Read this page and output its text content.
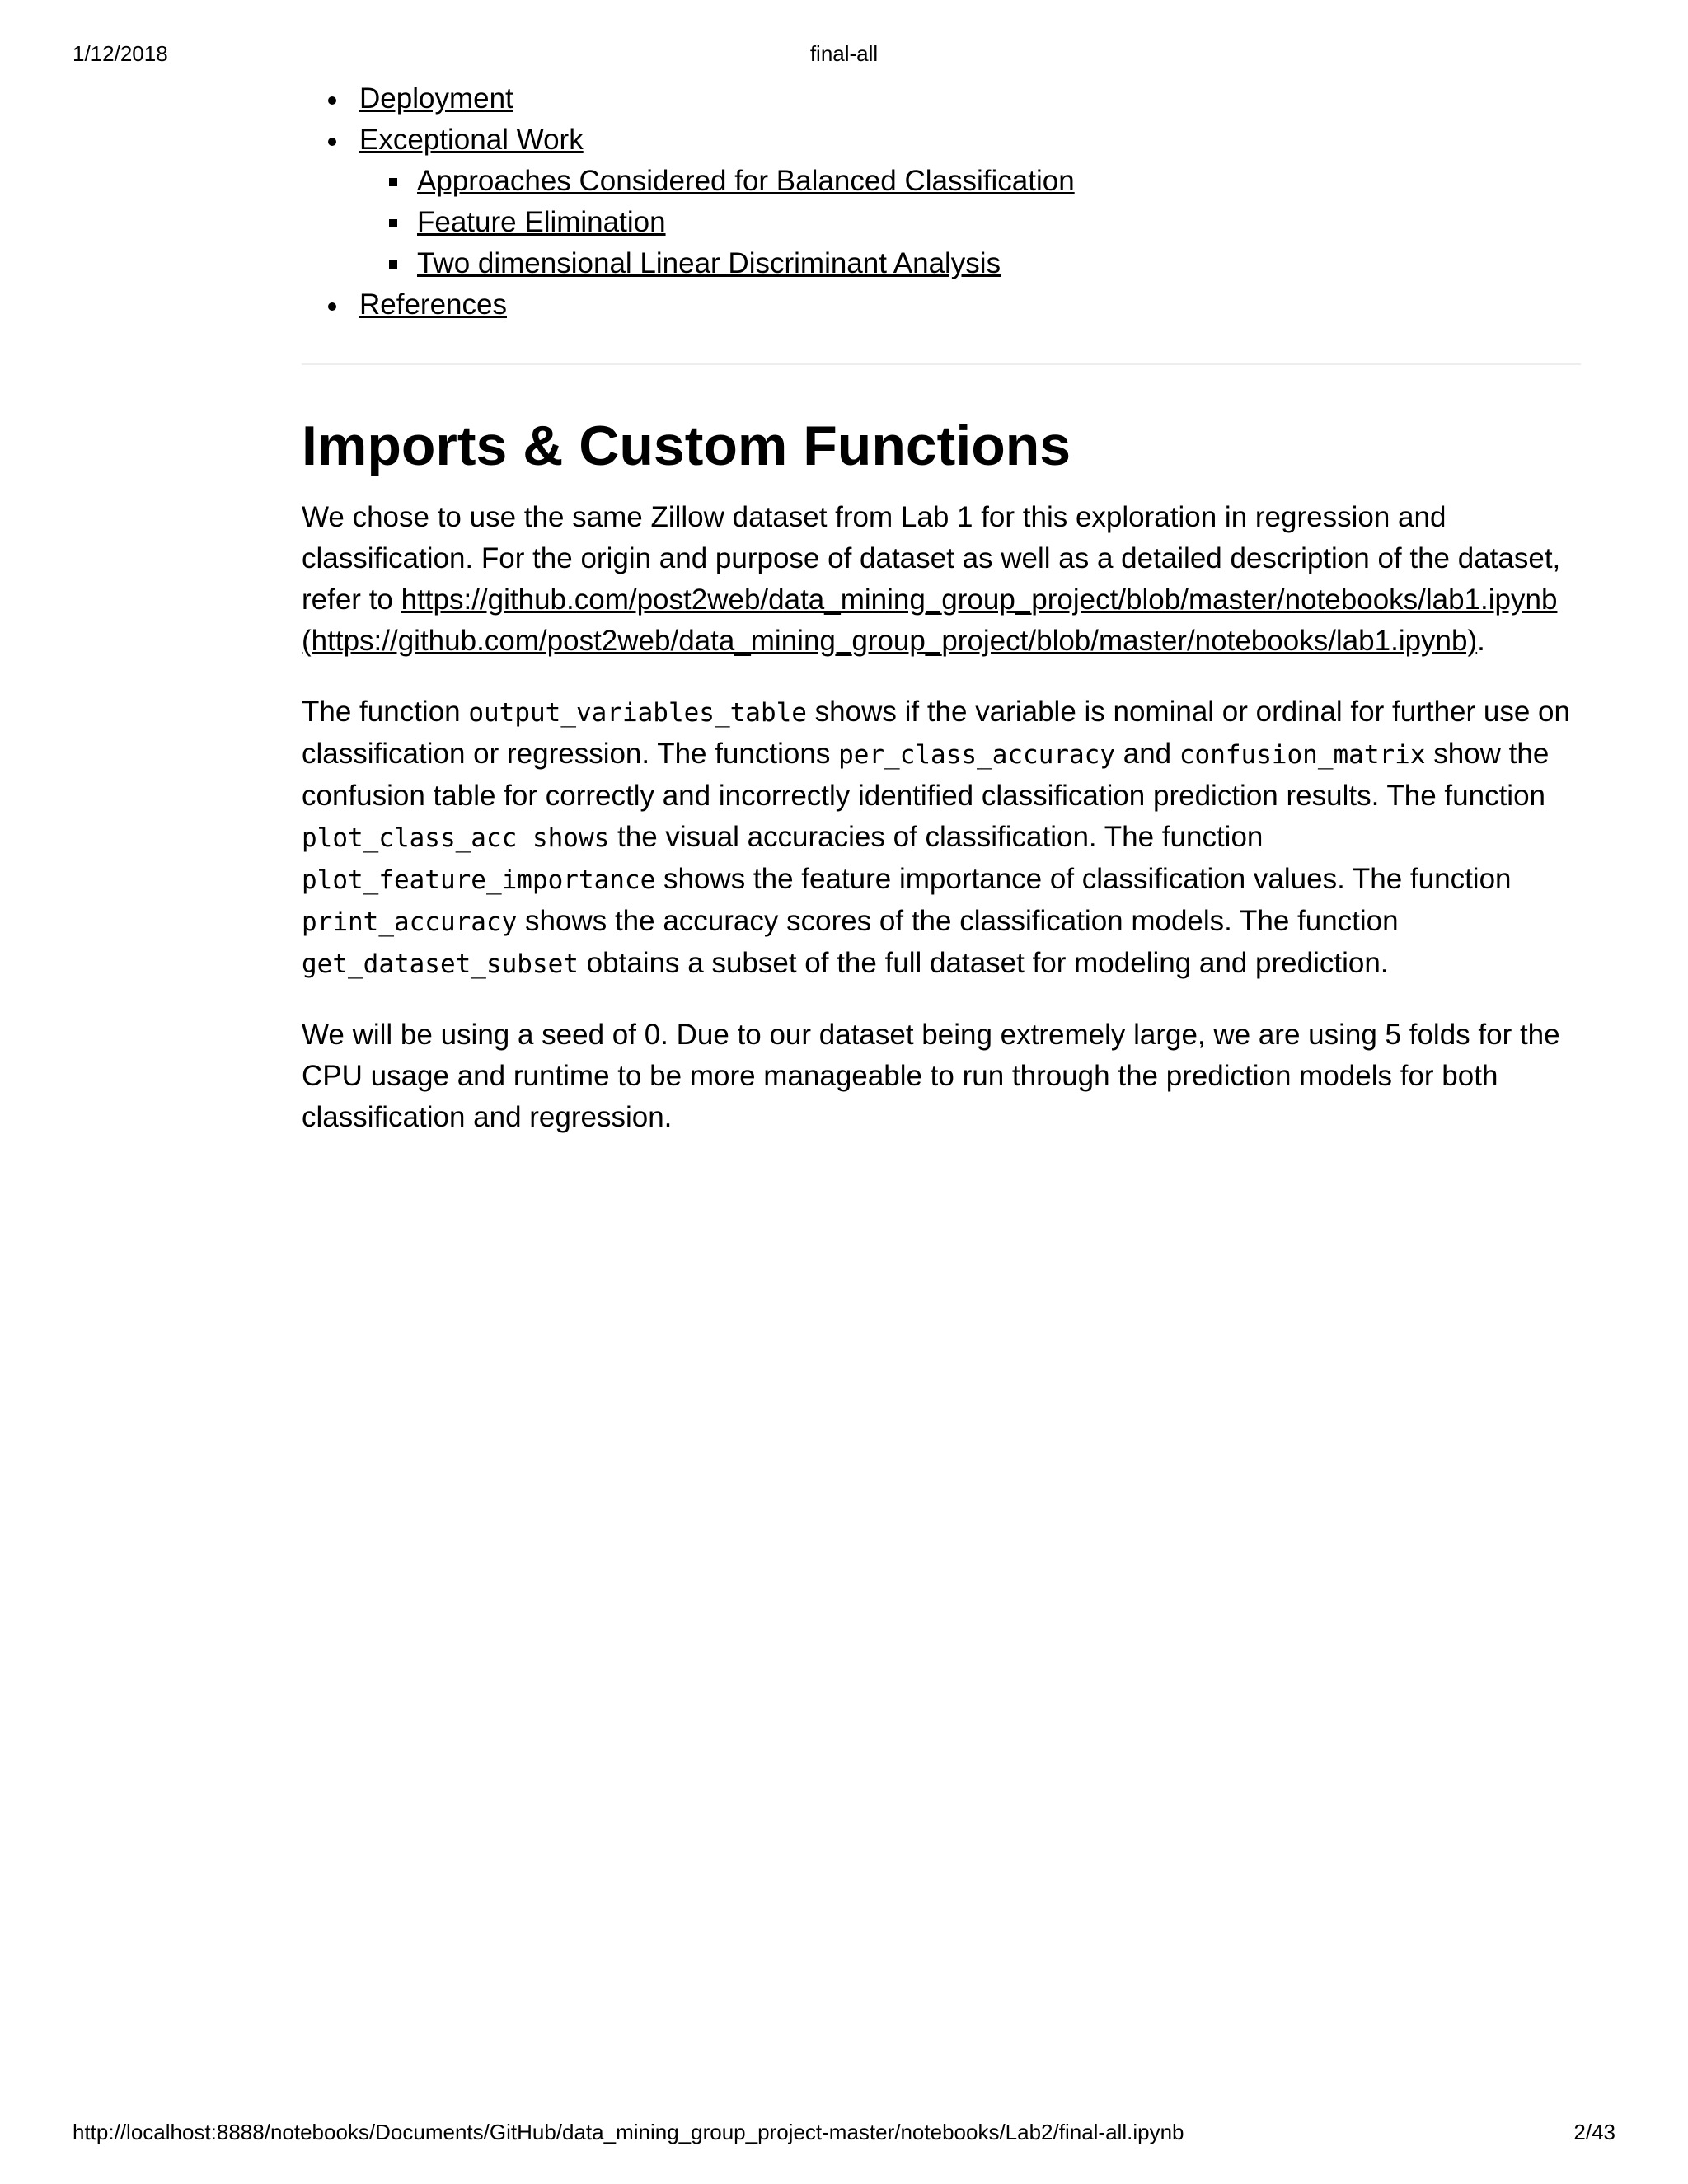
1/12/2018	final-all
Deployment
Exceptional Work
Approaches Considered for Balanced Classification
Feature Elimination
Two dimensional Linear Discriminant Analysis
References
Imports & Custom Functions

We chose to use the same Zillow dataset from Lab 1 for this exploration in regression and classification. For the origin and purpose of dataset as well as a detailed description of the dataset, refer to https://github.com/post2web/data_mining_group_project/blob/master/notebooks/lab1.ipynb (https://github.com/post2web/data_mining_group_project/blob/master/notebooks/lab1.ipynb).

The function output_variables_table shows if the variable is nominal or ordinal for further use on classification or regression. The functions per_class_accuracy and confusion_matrix show the confusion table for correctly and incorrectly identified classification prediction results. The function plot_class_acc shows the visual accuracies of classification. The function plot_feature_importance shows the feature importance of classification values. The function print_accuracy shows the accuracy scores of the classification models. The function get_dataset_subset obtains a subset of the full dataset for modeling and prediction.

We will be using a seed of 0. Due to our dataset being extremely large, we are using 5 folds for the CPU usage and runtime to be more manageable to run through the prediction models for both classification and regression.

http://localhost:8888/notebooks/Documents/GitHub/data_mining_group_project-master/notebooks/Lab2/final-all.ipynb	2/43
